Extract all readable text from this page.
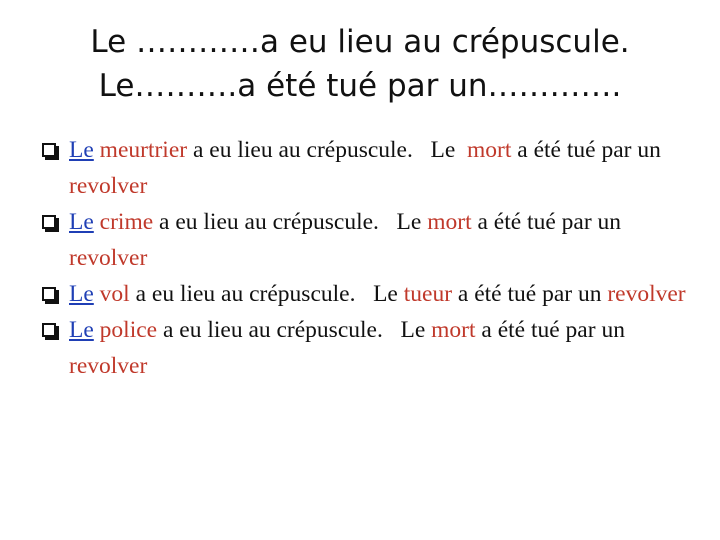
Le …………a eu lieu au crépuscule.
Le……….a été tué par un………….
Le meurtrier a eu lieu au crépuscule.   Le  mort a été tué par un revolver
Le crime a eu lieu au crépuscule.   Le mort a été tué par un revolver
Le vol a eu lieu au crépuscule.   Le tueur a été tué par un revolver
Le police a eu lieu au crépuscule.   Le mort a été tué par un revolver
